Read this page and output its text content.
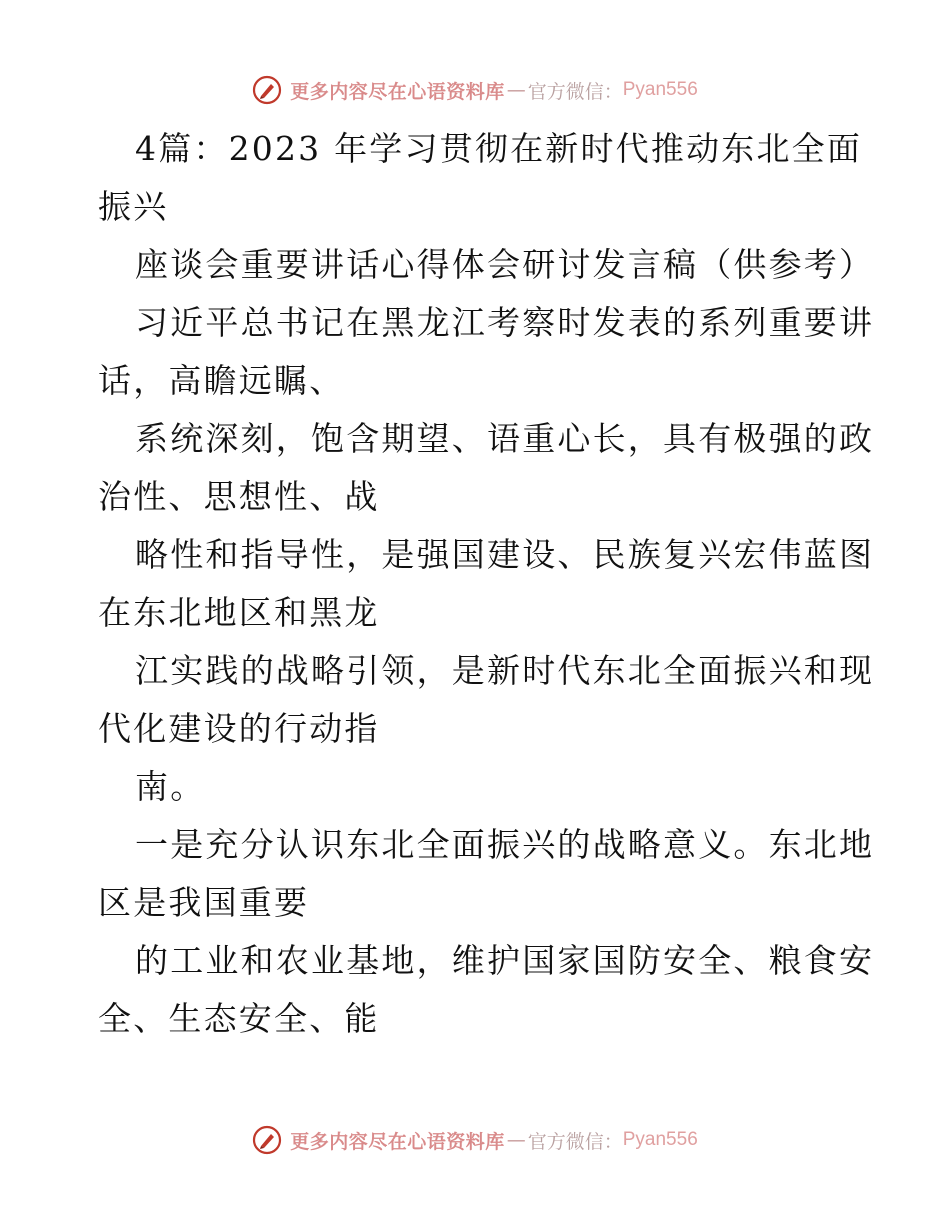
更多内容尽在心语资料库 — 官方微信： Pyan556
4篇：2023 年学习贯彻在新时代推动东北全面
振兴
座谈会重要讲话心得体会研讨发言稿（供参考）
习近平总书记在黑龙江考察时发表的系列重要讲
话，高瞻远瞩、
系统深刻，饱含期望、语重心长，具有极强的政
治性、思想性、战
略性和指导性，是强国建设、民族复兴宏伟蓝图
在东北地区和黑龙
江实践的战略引领，是新时代东北全面振兴和现
代化建设的行动指
南。
一是充分认识东北全面振兴的战略意义。东北地
区是我国重要
的工业和农业基地，维护国家国防安全、粮食安
全、生态安全、能
更多内容尽在心语资料库 — 官方微信： Pyan556
